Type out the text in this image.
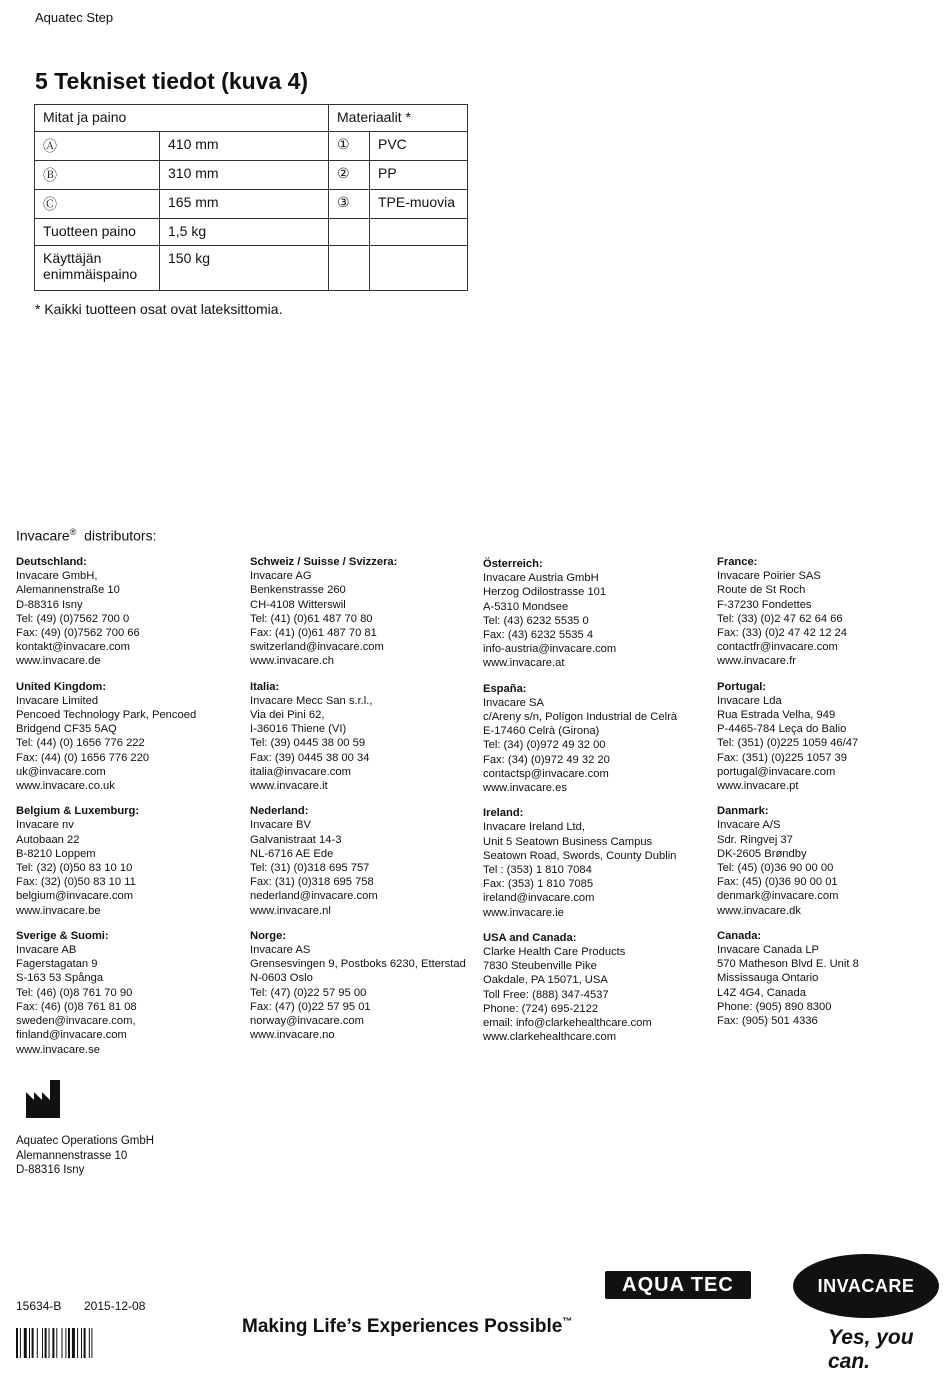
Aquatec Step
5 Tekniset tiedot (kuva 4)
Mitat ja paino		Materiaalit *	
Ⓐ	410 mm	①	PVC
Ⓑ	310 mm	②	PP
Ⓒ	165 mm	③	TPE-muovia
Tuotteen paino	1,5 kg		
Käyttäjän enimmäispaino	150 kg		
* Kaikki tuotteen osat ovat lateksittomia.
Invacare® distributors:
Deutschland:
Invacare GmbH,
Alemannenstraße 10
D-88316 Isny
Tel: (49) (0)7562 700 0
Fax: (49) (0)7562 700 66
kontakt@invacare.com
www.invacare.de
United Kingdom:
Invacare Limited
Pencoed Technology Park, Pencoed
Bridgend CF35 5AQ
Tel: (44) (0) 1656 776 222
Fax: (44) (0) 1656 776 220
uk@invacare.com
www.invacare.co.uk
Belgium & Luxemburg:
Invacare nv
Autobaan 22
B-8210 Loppem
Tel: (32) (0)50 83 10 10
Fax: (32) (0)50 83 10 11
belgium@invacare.com
www.invacare.be
Sverige & Suomi:
Invacare AB
Fagerstagatan 9
S-163 53 Spånga
Tel: (46) (0)8 761 70 90
Fax: (46) (0)8 761 81 08
sweden@invacare.com,
finland@invacare.com
www.invacare.se
Schweiz / Suisse / Svizzera:
Invacare AG
Benkenstrasse 260
CH-4108 Witterswil
Tel: (41) (0)61 487 70 80
Fax: (41) (0)61 487 70 81
switzerland@invacare.com
www.invacare.ch
Italia:
Invacare Mecc San s.r.l.,
Via dei Pini 62,
I-36016 Thiene (VI)
Tel: (39) 0445 38 00 59
Fax: (39) 0445 38 00 34
italia@invacare.com
www.invacare.it
Nederland:
Invacare BV
Galvanistraat 14-3
NL-6716 AE Ede
Tel: (31) (0)318 695 757
Fax: (31) (0)318 695 758
nederland@invacare.com
www.invacare.nl
Norge:
Invacare AS
Grensesvingen 9, Postboks 6230, Etterstad
N-0603 Oslo
Tel: (47) (0)22 57 95 00
Fax: (47) (0)22 57 95 01
norway@invacare.com
www.invacare.no
Österreich:
Invacare Austria GmbH
Herzog Odilostrasse 101
A-5310 Mondsee
Tel: (43) 6232 5535 0
Fax: (43) 6232 5535 4
info-austria@invacare.com
www.invacare.at
España:
Invacare SA
c/Areny s/n, Polígon Industrial de Celrà
E-17460 Celrà (Girona)
Tel: (34) (0)972 49 32 00
Fax: (34) (0)972 49 32 20
contactsp@invacare.com
www.invacare.es
Ireland:
Invacare Ireland Ltd,
Unit 5 Seatown Business Campus
Seatown Road, Swords, County Dublin
Tel : (353) 1 810 7084
Fax: (353) 1 810 7085
ireland@invacare.com
www.invacare.ie
USA and Canada:
Clarke Health Care Products
7830 Steubenville Pike
Oakdale, PA 15071, USA
Toll Free: (888) 347-4537
Phone: (724) 695-2122
email: info@clarkehealthcare.com
www.clarkehealthcare.com
France:
Invacare Poirier SAS
Route de St Roch
F-37230 Fondettes
Tel: (33) (0)2 47 62 64 66
Fax: (33) (0)2 47 42 12 24
contactfr@invacare.com
www.invacare.fr
Portugal:
Invacare Lda
Rua Estrada Velha, 949
P-4465-784 Leça do Balio
Tel: (351) (0)225 1059 46/47
Fax: (351) (0)225 1057 39
portugal@invacare.com
www.invacare.pt
Danmark:
Invacare A/S
Sdr. Ringvej 37
DK-2605 Brøndby
Tel: (45) (0)36 90 00 00
Fax: (45) (0)36 90 00 01
denmark@invacare.com
www.invacare.dk
Canada:
Invacare Canada LP
570 Matheson Blvd E. Unit 8
Mississauga Ontario
L4Z 4G4, Canada
Phone: (905) 890 8300
Fax: (905) 501 4336
Aquatec Operations GmbH
Alemannenstrasse 10
D-88316 Isny
15634-B 2015-12-08
Making Life’s Experiences Possible™
AQUA TEC	INVACARE
Yes, you can.
